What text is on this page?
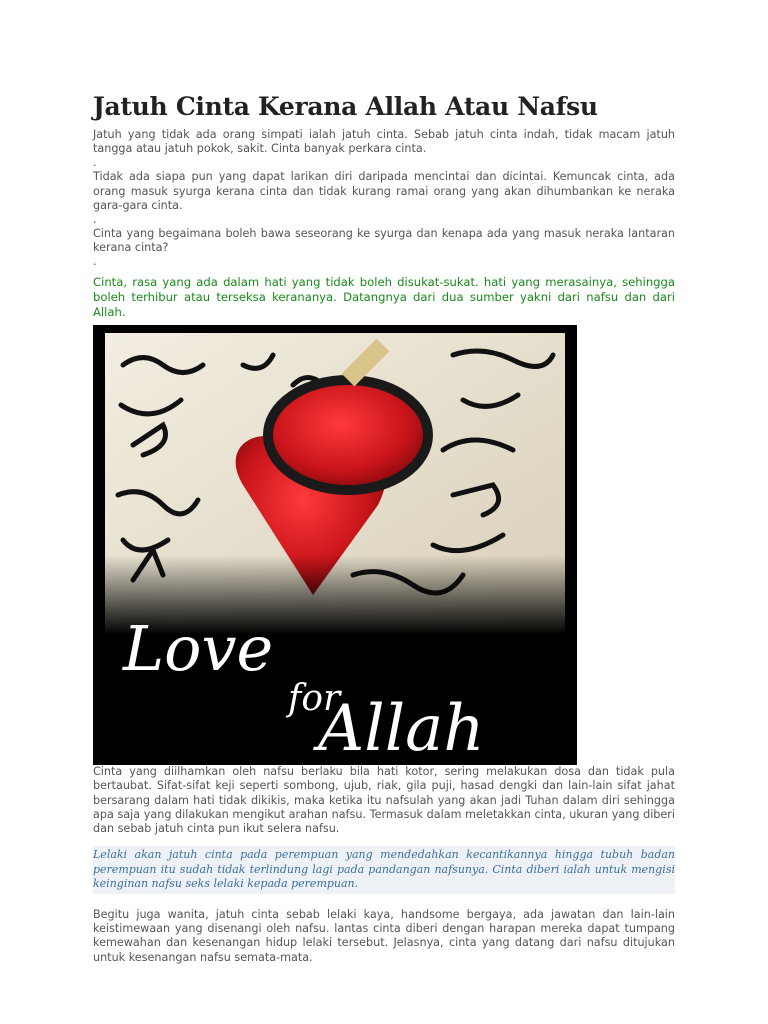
Jatuh Cinta Kerana Allah Atau Nafsu

Jatuh yang tidak ada orang simpati ialah jatuh cinta. Sebab jatuh cinta indah, tidak macam jatuh tangga atau jatuh pokok, sakit. Cinta banyak perkara cinta.

.

Tidak ada siapa pun yang dapat larikan diri daripada mencintai dan dicintai. Kemuncak cinta, ada orang masuk syurga kerana cinta dan tidak kurang ramai orang yang akan dihumbankan ke neraka gara-gara cinta.

.

Cinta yang begaimana boleh bawa seseorang ke syurga dan kenapa ada yang masuk neraka lantaran kerana cinta?

.

Cinta, rasa yang ada dalam hati yang tidak boleh disukat-sukat. hati yang merasainya, sehingga boleh terhibur atau terseksa kerananya. Datangnya dari dua sumber yakni dari nafsu dan dari Allah.

Love
for
Allah

Cinta yang diilhamkan oleh nafsu berlaku bila hati kotor, sering melakukan dosa dan tidak pula bertaubat. Sifat-sifat keji seperti sombong, ujub, riak, gila puji, hasad dengki dan lain-lain sifat jahat bersarang dalam hati tidak dikikis, maka ketika itu nafsulah yang akan jadi Tuhan dalam diri sehingga apa saja yang dilakukan mengikut arahan nafsu. Termasuk dalam meletakkan cinta, ukuran yang diberi dan sebab jatuh cinta pun ikut selera nafsu.

Lelaki akan jatuh cinta pada perempuan yang mendedahkan kecantikannya hingga tubuh badan perempuan itu sudah tidak terlindung lagi pada pandangan nafsunya. Cinta diberi ialah untuk mengisi keinginan nafsu seks lelaki kepada perempuan.

Begitu juga wanita, jatuh cinta sebab lelaki kaya, handsome bergaya, ada jawatan dan lain-lain keistimewaan yang disenangi oleh nafsu. lantas cinta diberi dengan harapan mereka dapat tumpang kemewahan dan kesenangan hidup lelaki tersebut. Jelasnya, cinta yang datang dari nafsu ditujukan untuk kesenangan nafsu semata-mata.
